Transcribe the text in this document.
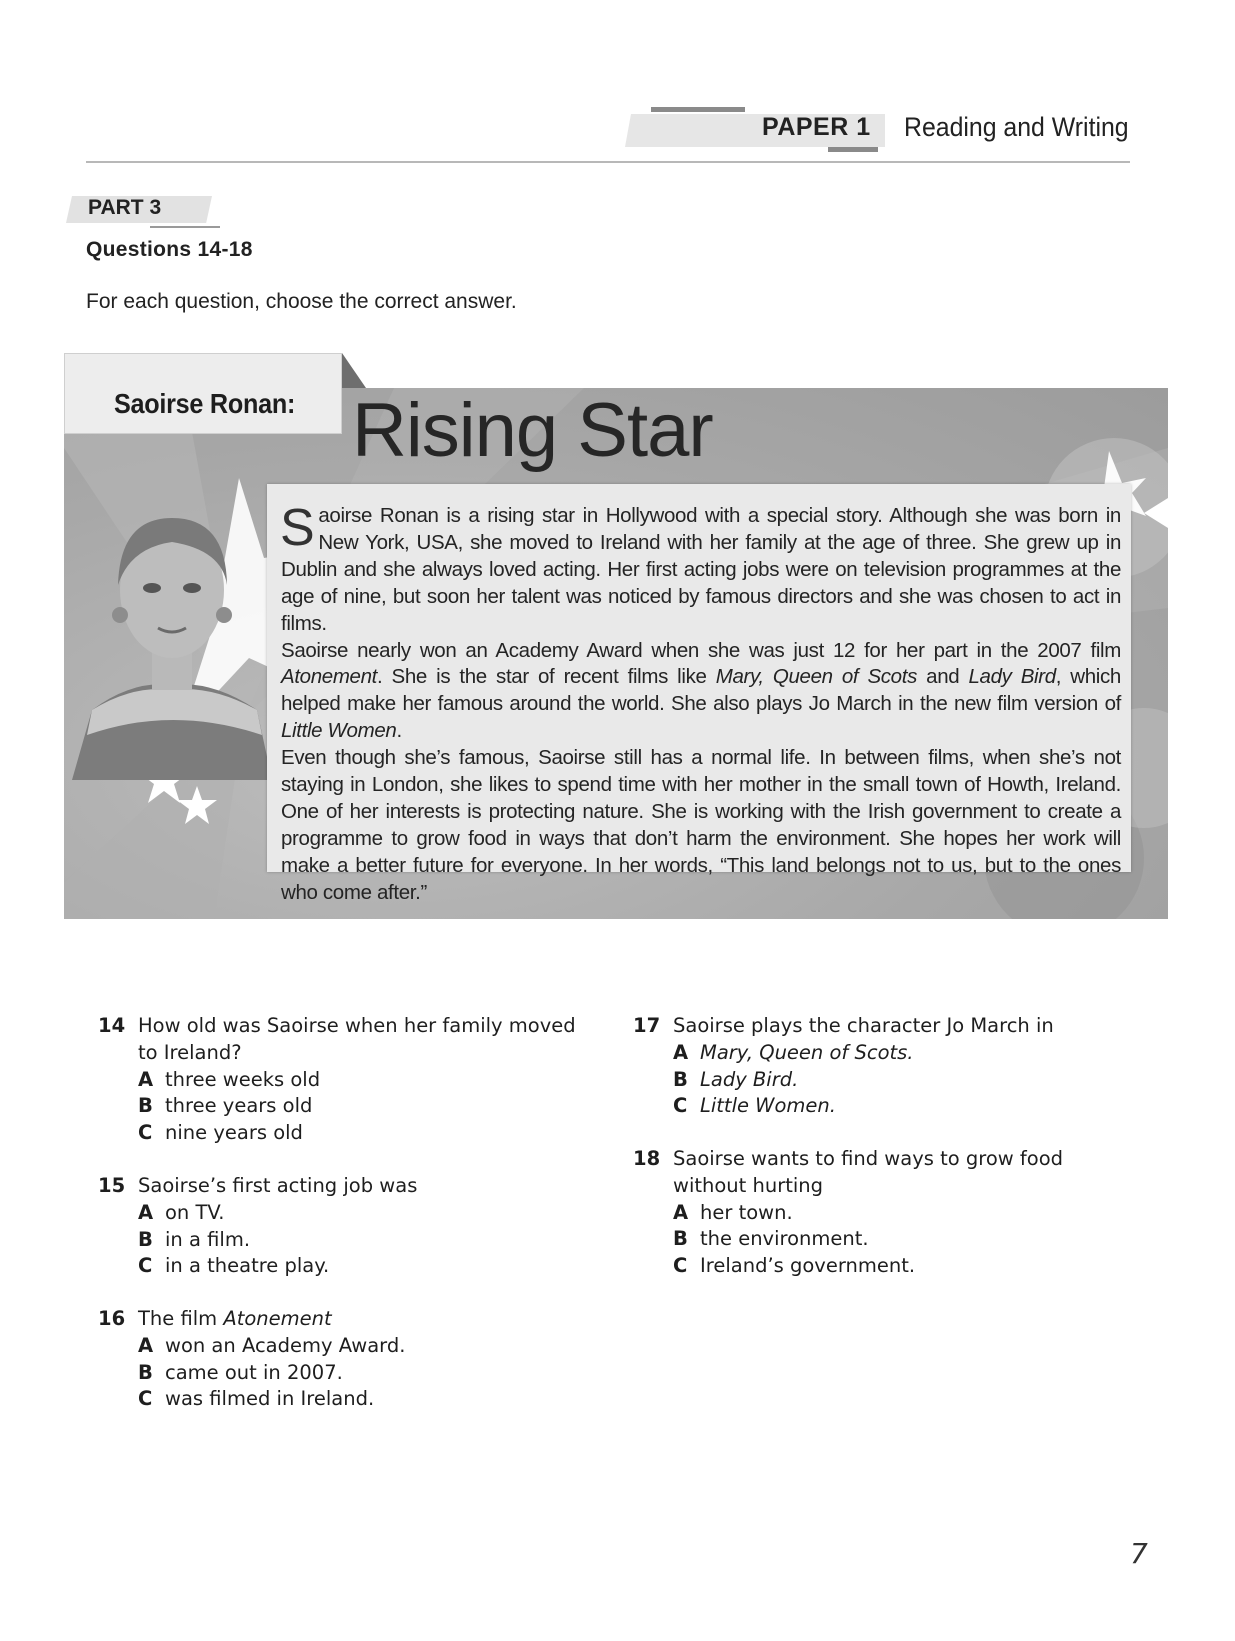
PAPER 1 Reading and Writing
PART 3
Questions 14-18
For each question, choose the correct answer.
Saoirse Ronan: Rising Star

Saoirse Ronan is a rising star in Hollywood with a special story. Although she was born in New York, USA, she moved to Ireland with her family at the age of three. She grew up in Dublin and she always loved acting. Her first acting jobs were on television programmes at the age of nine, but soon her talent was noticed by famous directors and she was chosen to act in films.

Saoirse nearly won an Academy Award when she was just 12 for her part in the 2007 film Atonement. She is the star of recent films like Mary, Queen of Scots and Lady Bird, which helped make her famous around the world. She also plays Jo March in the new film version of Little Women.

Even though she’s famous, Saoirse still has a normal life. In between films, when she’s not staying in London, she likes to spend time with her mother in the small town of Howth, Ireland. One of her interests is protecting nature. She is working with the Irish government to create a programme to grow food in ways that don’t harm the environment. She hopes her work will make a better future for everyone. In her words, “This land belongs not to us, but to the ones who come after.”

14 How old was Saoirse when her family moved
to Ireland?
A three weeks old
B three years old
C nine years old
15 Saoirse’s first acting job was
A on TV.
B in a film.
C in a theatre play.
16 The film Atonement
A won an Academy Award.
B came out in 2007.
C was filmed in Ireland.
17 Saoirse plays the character Jo March in
A Mary, Queen of Scots.
B Lady Bird.
C Little Women.
18 Saoirse wants to find ways to grow food
without hurting
A her town.
B the environment.
C Ireland’s government.
7
